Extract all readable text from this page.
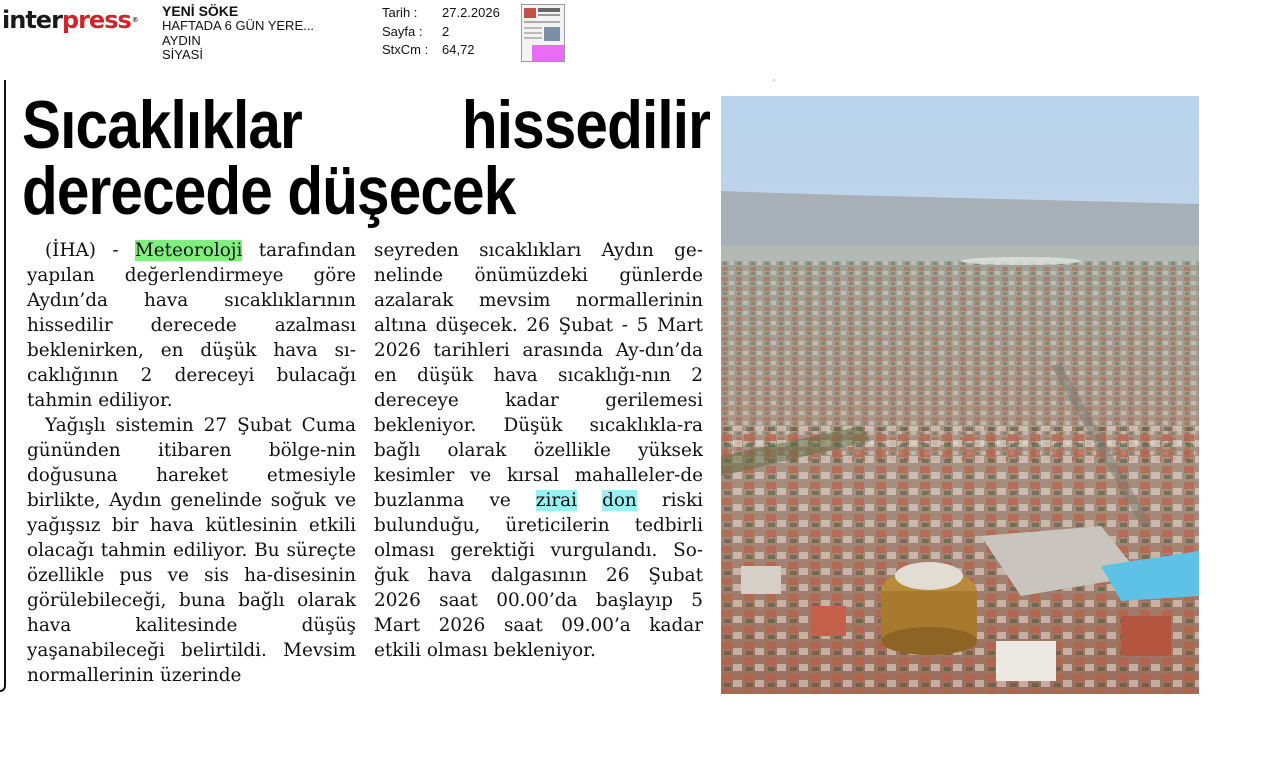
interpress®
YENİ SÖKE
HAFTADA 6 GÜN YERE...
AYDIN
SİYASİ
Tarih :	27.2.2026
Sayfa :	2
StxCm :	64,72
˛
Sıcaklıklar hissedilir
derecede düşecek

(İHA) - Meteoroloji tarafından yapılan değerlendirmeye göre Aydın’da hava sıcaklıklarının hissedilir derecede azalması beklenirken, en düşük hava sı-caklığının 2 dereceyi bulacağı tahmin ediliyor.

Yağışlı sistemin 27 Şubat Cuma gününden itibaren bölge-nin doğusuna hareket etmesiyle birlikte, Aydın genelinde soğuk ve yağışsız bir hava kütlesinin etkili olacağı tahmin ediliyor. Bu süreçte özellikle pus ve sis ha-disesinin görülebileceği, buna bağlı olarak hava kalitesinde düşüş yaşanabileceği belirtildi. Mevsim normallerinin üzerinde

seyreden sıcaklıkları Aydın ge-nelinde önümüzdeki günlerde azalarak mevsim normallerinin altına düşecek. 26 Şubat - 5 Mart 2026 tarihleri arasında Ay-dın’da en düşük hava sıcaklığı-nın 2 dereceye kadar gerilemesi bekleniyor. Düşük sıcaklıkla-ra bağlı olarak özellikle yüksek kesimler ve kırsal mahalleler-de buzlanma ve zirai don riski bulunduğu, üreticilerin tedbirli olması gerektiği vurgulandı. So-ğuk hava dalgasının 26 Şubat 2026 saat 00.00’da başlayıp 5 Mart 2026 saat 09.00’a kadar etkili olması bekleniyor.
